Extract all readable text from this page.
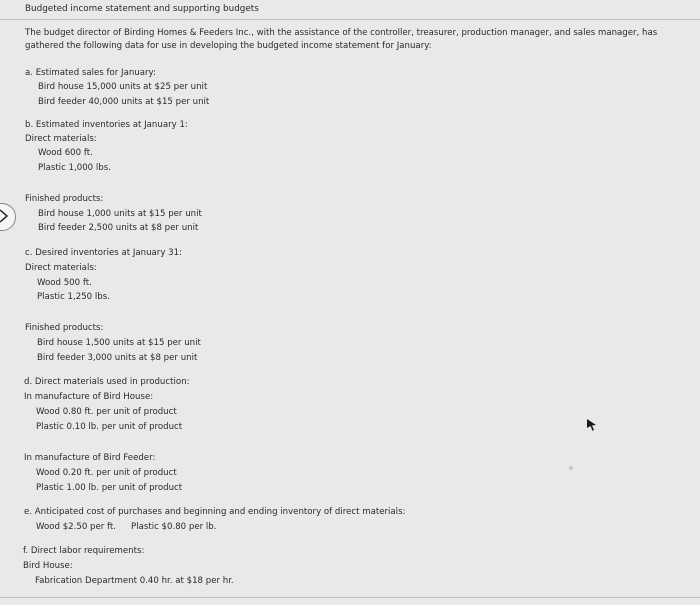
Budgeted income statement and supporting budgets
The budget director of Birding Homes & Feeders Inc., with the assistance of the controller, treasurer, production manager, and sales manager, has gathered the following data for use in developing the budgeted income statement for January:
a. Estimated sales for January:
Bird house 15,000 units at $25 per unit
Bird feeder 40,000 units at $15 per unit
b. Estimated inventories at January 1:
Direct materials:
Wood 600 ft.
Plastic 1,000 lbs.
Finished products:
Bird house 1,000 units at $15 per unit
Bird feeder 2,500 units at $8 per unit
c. Desired inventories at January 31:
Direct materials:
Wood 500 ft.
Plastic 1,250 lbs.
Finished products:
Bird house 1,500 units at $15 per unit
Bird feeder 3,000 units at $8 per unit
d. Direct materials used in production:
In manufacture of Bird House:
Wood 0.80 ft. per unit of product
Plastic 0.10 lb. per unit of product
In manufacture of Bird Feeder:
Wood 0.20 ft. per unit of product
Plastic 1.00 lb. per unit of product
e. Anticipated cost of purchases and beginning and ending inventory of direct materials:
Wood $2.50 per ft. Plastic $0.80 per lb.
f. Direct labor requirements:
Bird House:
Fabrication Department 0.40 hr. at $18 per hr.
